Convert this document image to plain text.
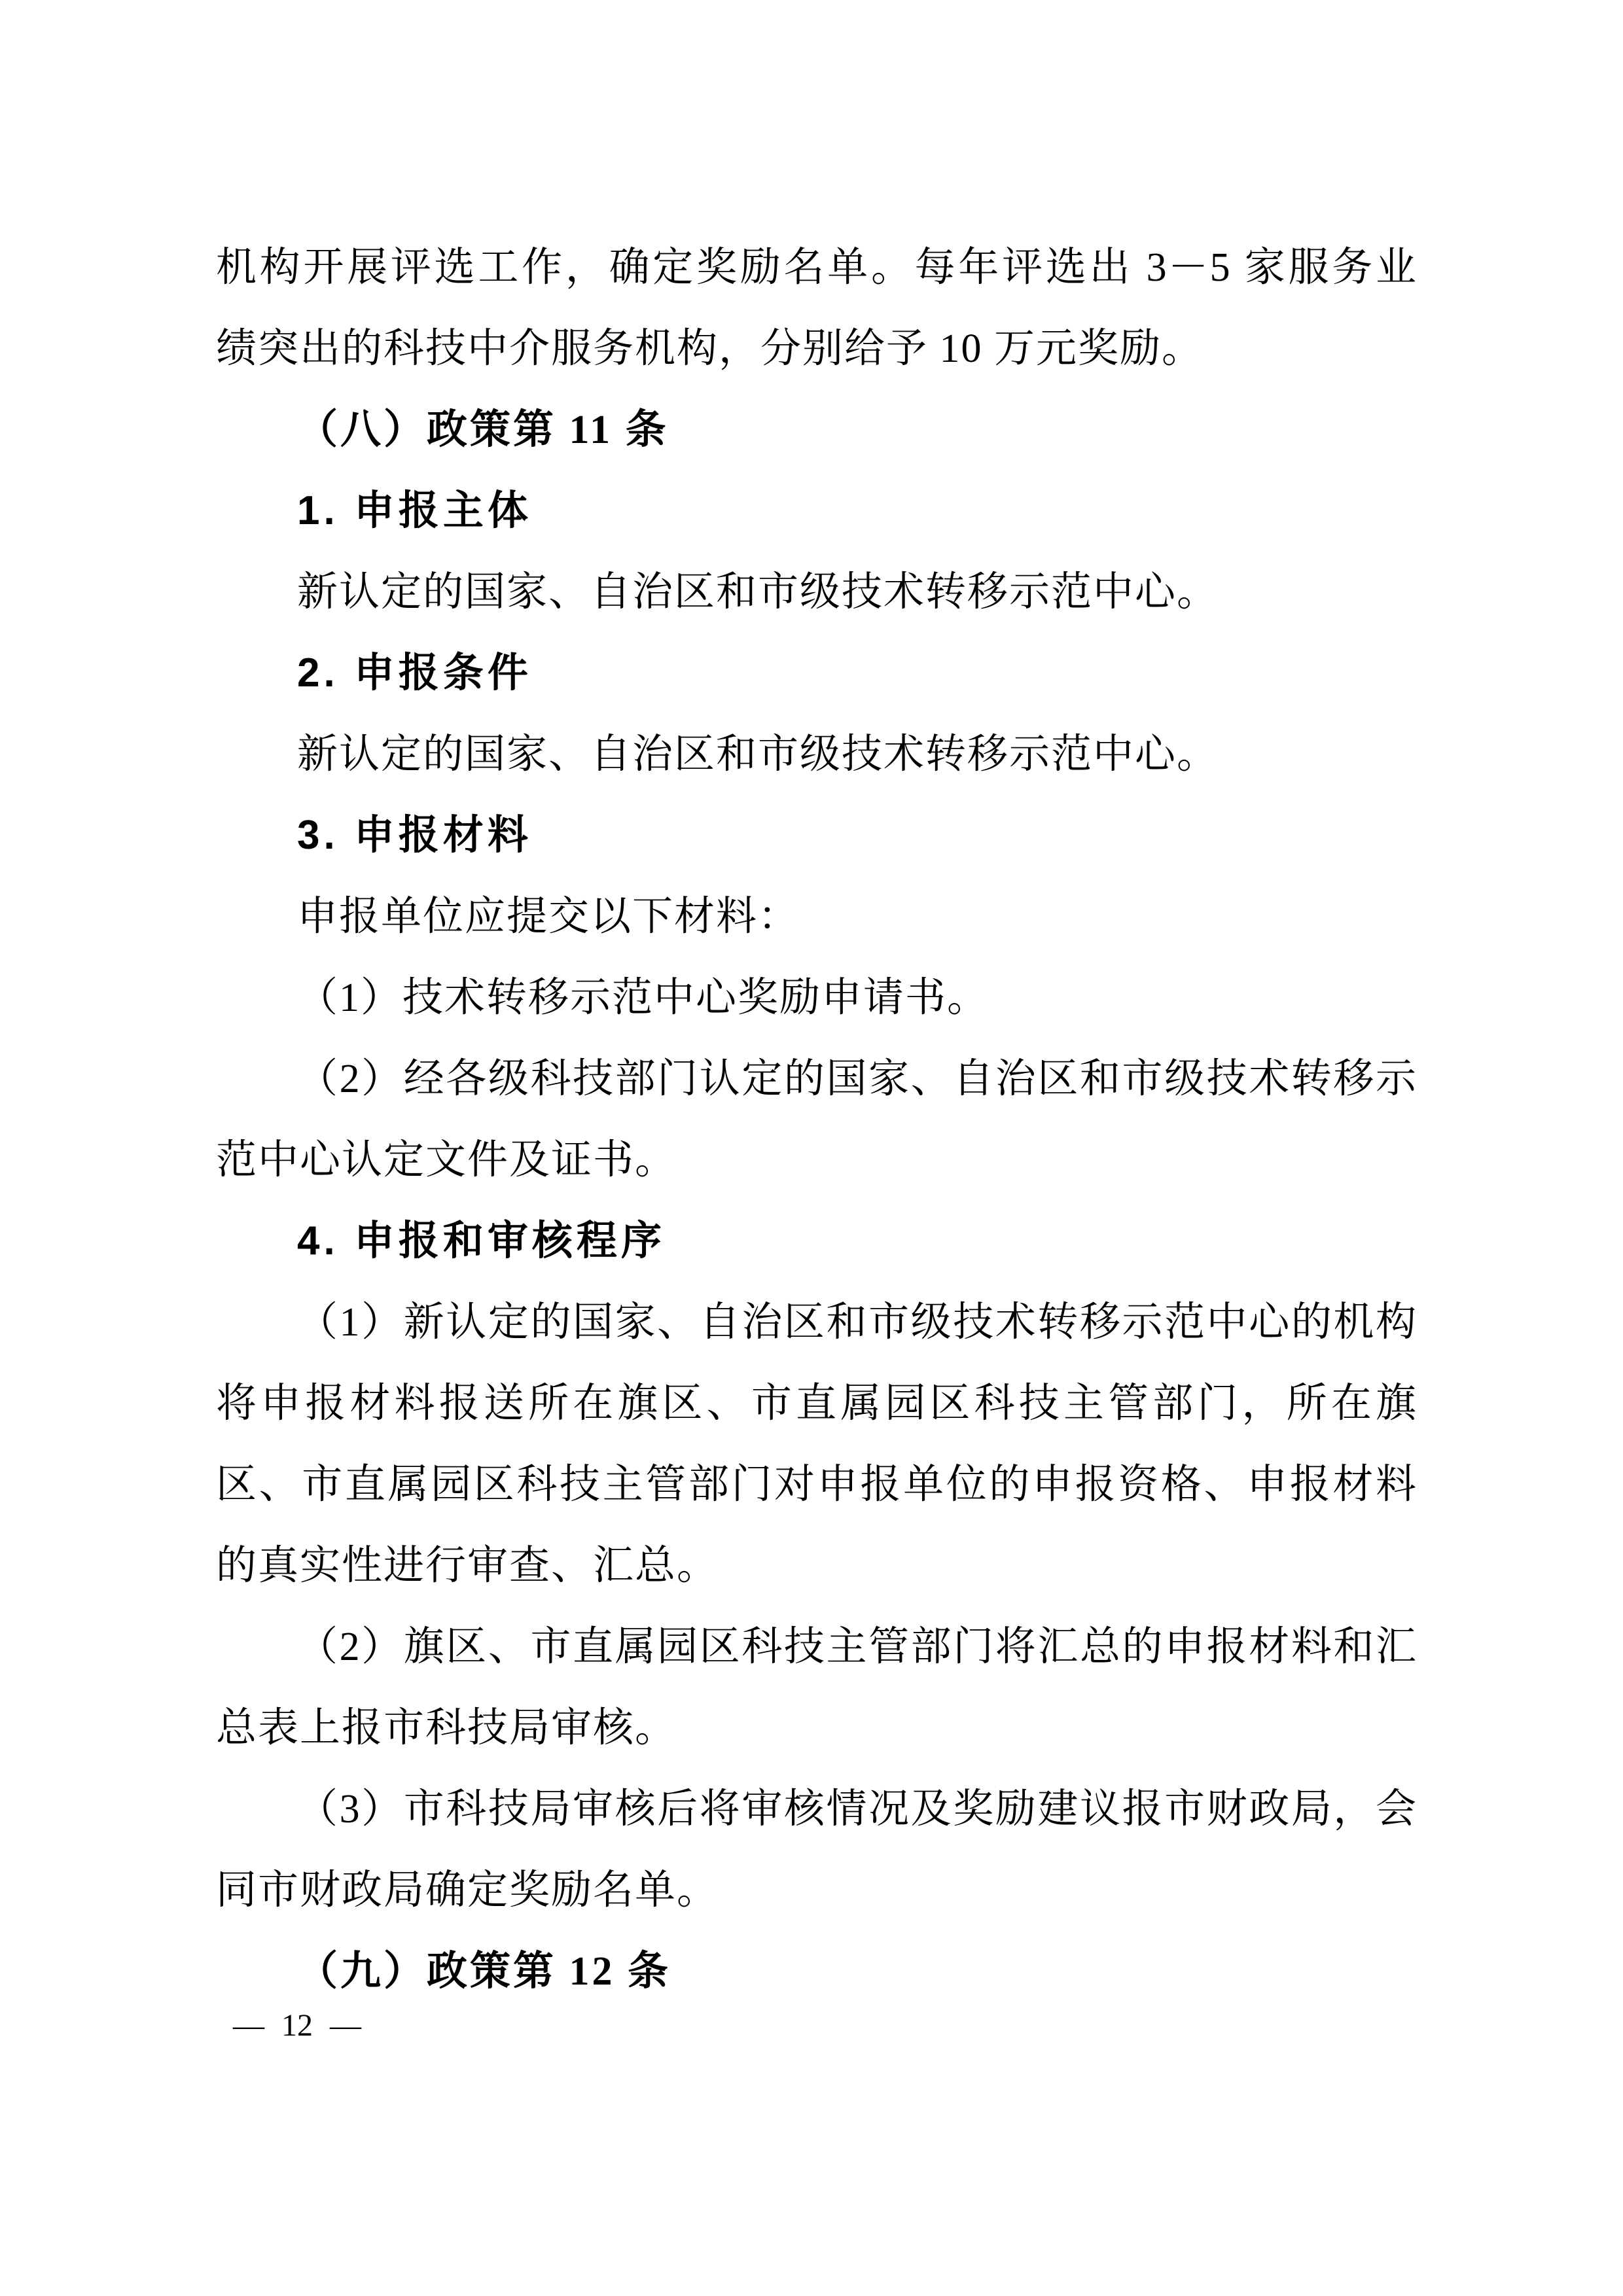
机构开展评选工作，确定奖励名单。每年评选出 3－5 家服务业

绩突出的科技中介服务机构，分别给予 10 万元奖励。

（八）政策第 11 条

1. 申报主体

新认定的国家、自治区和市级技术转移示范中心。

2. 申报条件

新认定的国家、自治区和市级技术转移示范中心。

3. 申报材料

申报单位应提交以下材料：

（1）技术转移示范中心奖励申请书。

（2）经各级科技部门认定的国家、自治区和市级技术转移示

范中心认定文件及证书。

4. 申报和审核程序

（1）新认定的国家、自治区和市级技术转移示范中心的机构

将申报材料报送所在旗区、市直属园区科技主管部门，所在旗

区、市直属园区科技主管部门对申报单位的申报资格、申报材料

的真实性进行审查、汇总。

（2）旗区、市直属园区科技主管部门将汇总的申报材料和汇

总表上报市科技局审核。

（3）市科技局审核后将审核情况及奖励建议报市财政局，会

同市财政局确定奖励名单。

（九）政策第 12 条

— 12 —
